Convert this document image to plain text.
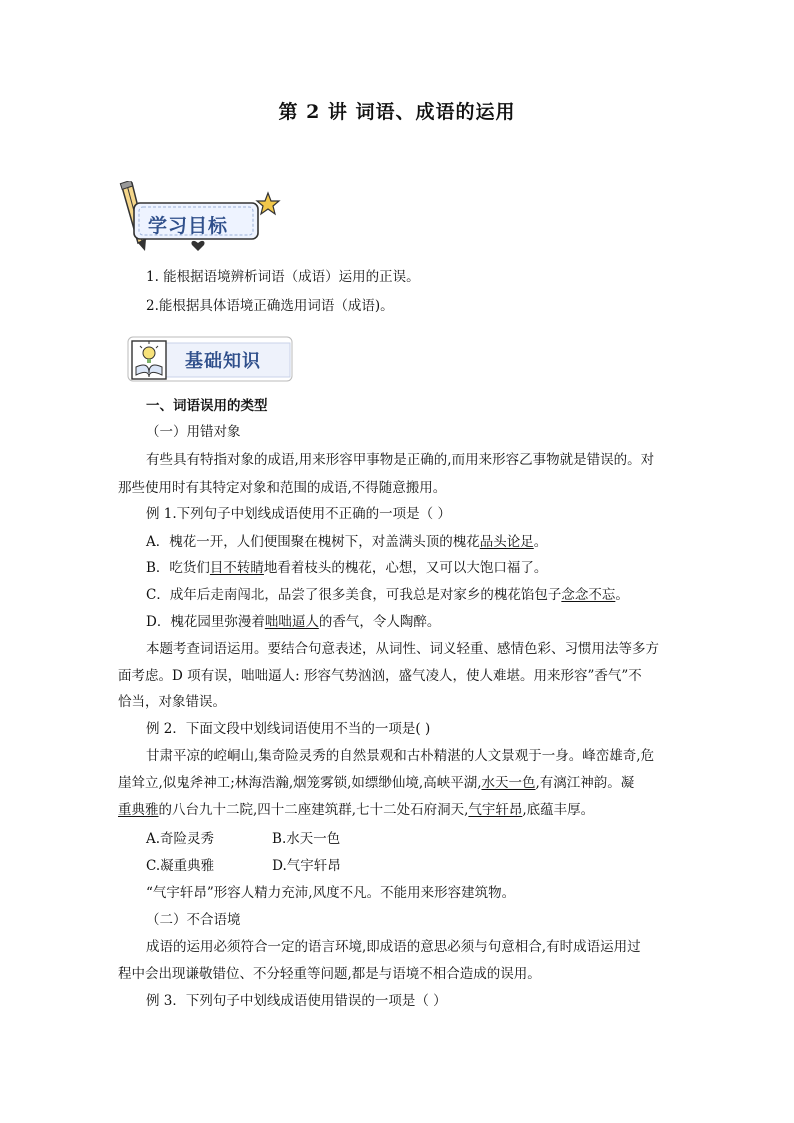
第 2 讲 词语、成语的运用
学习目标
1. 能根据语境辨析词语（成语）运用的正误。
2.能根据具体语境正确选用词语（成语)。
基础知识
一、词语误用的类型
（一）用错对象
有些具有特指对象的成语,用来形容甲事物是正确的,而用来形容乙事物就是错误的。对
那些使用时有其特定对象和范围的成语,不得随意搬用。
例 1.下列句子中划线成语使用不正确的一项是（ ）
A．槐花一开，人们便围聚在槐树下，对盖满头顶的槐花品头论足。
B．吃货们目不转睛地看着枝头的槐花，心想，又可以大饱口福了。
C．成年后走南闯北，品尝了很多美食，可我总是对家乡的槐花馅包子念念不忘。
D．槐花园里弥漫着咄咄逼人的香气，令人陶醉。
本题考查词语运用。要结合句意表述，从词性、词义轻重、感情色彩、习惯用法等多方
面考虑。D 项有误，咄咄逼人: 形容气势汹汹，盛气凌人，使人难堪。用来形容”香气”不
恰当，对象错误。
例 2．下面文段中划线词语使用不当的一项是( )
甘肃平凉的崆峒山,集奇险灵秀的自然景观和古朴精湛的人文景观于一身。峰峦雄奇,危
崖耸立,似鬼斧神工;林海浩瀚,烟笼雾锁,如缥缈仙境,高峡平湖,水天一色,有漓江神韵。凝
重典雅的八台九十二院,四十二座建筑群,七十二处石府洞天,气宇轩昂,底蕴丰厚。
A.奇险灵秀	B.水天一色
C.凝重典雅	D.气宇轩昂
“气宇轩昂”形容人精力充沛,风度不凡。不能用来形容建筑物。
（二）不合语境
成语的运用必须符合一定的语言环境,即成语的意思必须与句意相合,有时成语运用过
程中会出现谦敬错位、不分轻重等问题,都是与语境不相合造成的误用。
例 3．下列句子中划线成语使用错误的一项是（ ）
